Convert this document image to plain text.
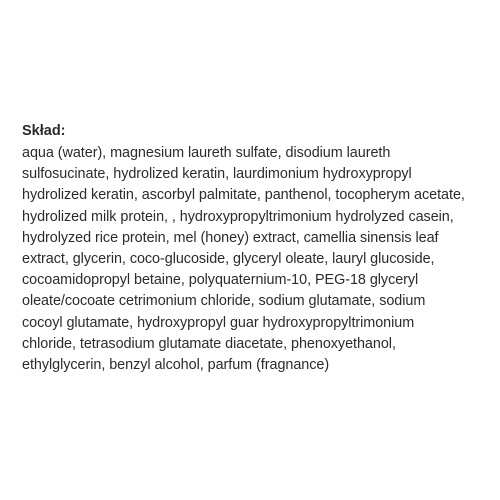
Skład:

aqua (water), magnesium laureth sulfate, disodium laureth
sulfosucinate, hydrolized keratin, laurdimonium hydroxypropyl
hydrolized keratin, ascorbyl palmitate, panthenol, tocopherym acetate,
hydrolized milk protein, , hydroxypropyltrimonium hydrolyzed casein,
hydrolyzed rice protein, mel (honey) extract, camellia sinensis leaf
extract, glycerin, coco-glucoside, glyceryl oleate, lauryl glucoside,
cocoamidopropyl betaine, polyquaternium-10, PEG-18 glyceryl
oleate/cocoate cetrimonium chloride, sodium glutamate, sodium
cocoyl glutamate, hydroxypropyl guar hydroxypropyltrimonium
chloride, tetrasodium glutamate diacetate, phenoxyethanol,
ethylglycerin, benzyl alcohol, parfum (fragnance)
